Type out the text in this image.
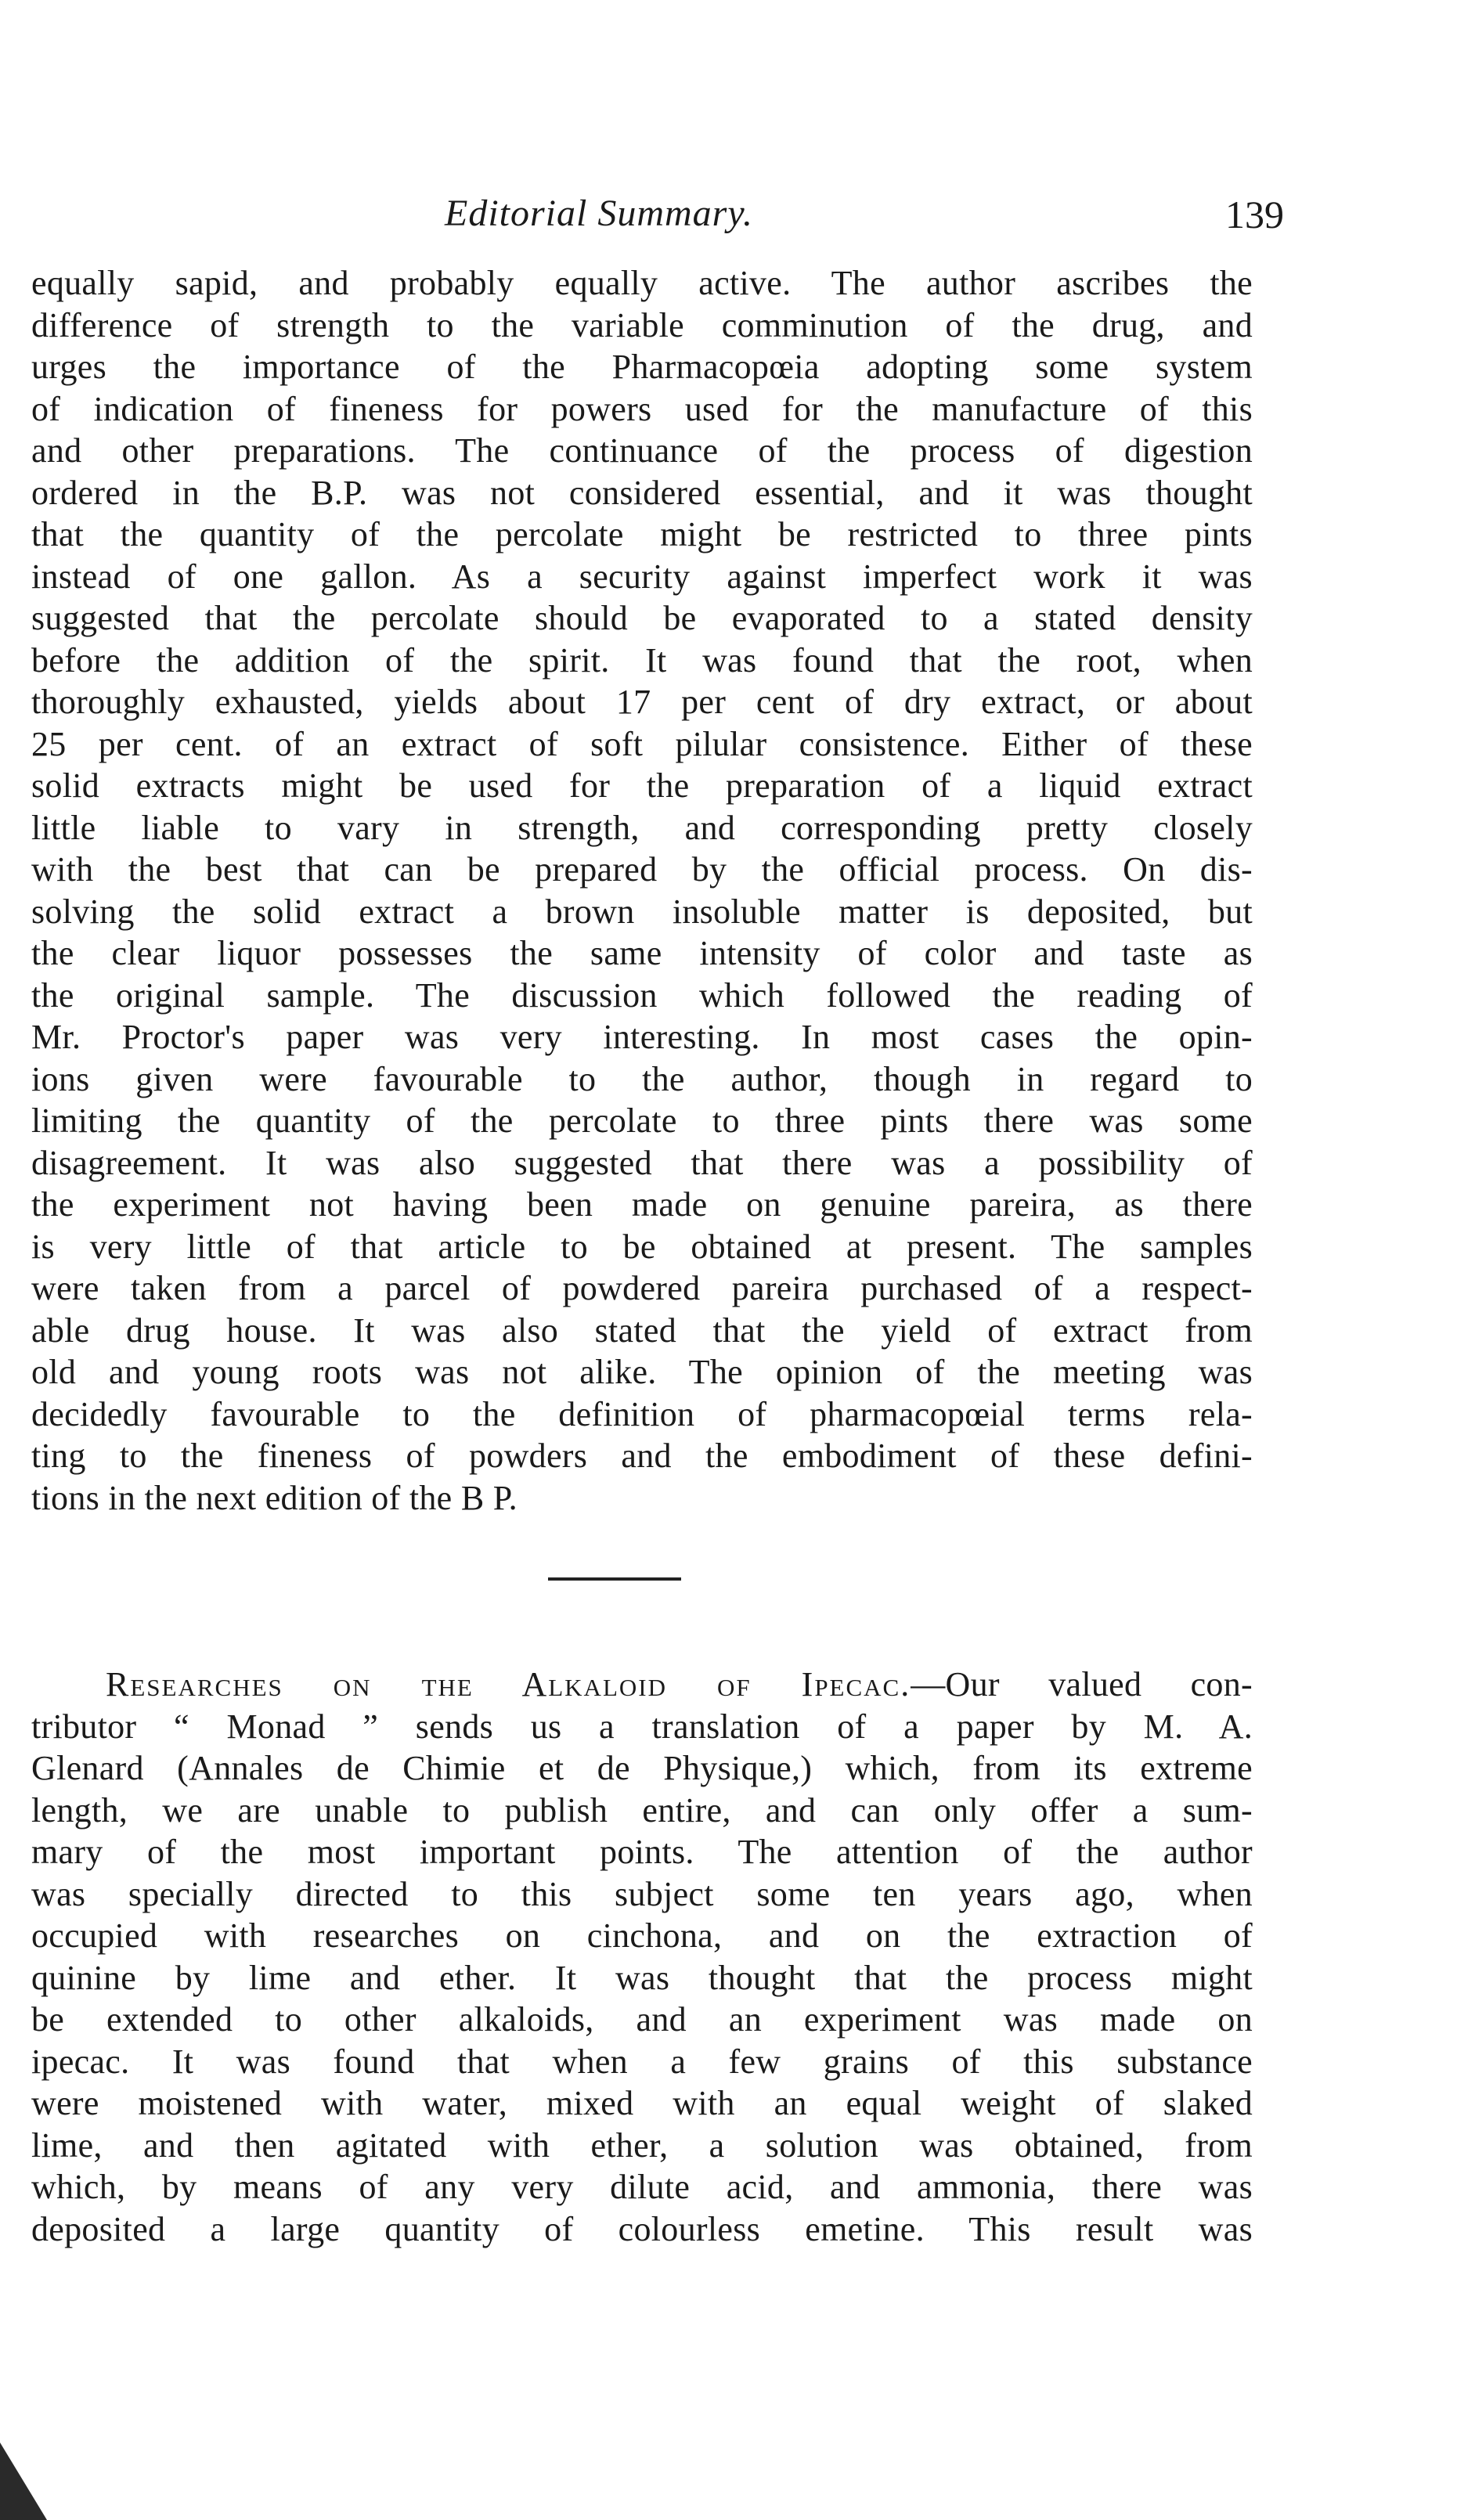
Editorial Summary.	139
equally sapid, and probably equally active. The author ascribes the
difference of strength to the variable comminution of the drug, and
urges the importance of the Pharmacopœia adopting some system
of indication of fineness for powers used for the manufacture of this
and other preparations. The continuance of the process of digestion
ordered in the B.P. was not considered essential, and it was thought
that the quantity of the percolate might be restricted to three pints
instead of one gallon. As a security against imperfect work it was
suggested that the percolate should be evaporated to a stated density
before the addition of the spirit. It was found that the root, when
thoroughly exhausted, yields about 17 per cent of dry extract, or about
25 per cent. of an extract of soft pilular consistence. Either of these
solid extracts might be used for the preparation of a liquid extract
little liable to vary in strength, and corresponding pretty closely
with the best that can be prepared by the official process. On dis-
solving the solid extract a brown insoluble matter is deposited, but
the clear liquor possesses the same intensity of color and taste as
the original sample. The discussion which followed the reading of
Mr. Proctor's paper was very interesting. In most cases the opin-
ions given were favourable to the author, though in regard to
limiting the quantity of the percolate to three pints there was some
disagreement. It was also suggested that there was a possibility of
the experiment not having been made on genuine pareira, as there
is very little of that article to be obtained at present. The samples
were taken from a parcel of powdered pareira purchased of a respect-
able drug house. It was also stated that the yield of extract from
old and young roots was not alike. The opinion of the meeting was
decidedly favourable to the definition of pharmacopœial terms rela-
ting to the fineness of powders and the embodiment of these defini-
tions in the next edition of the B P.
Researches on the Alkaloid of Ipecac.—Our valued con-
tributor “ Monad ” sends us a translation of a paper by M. A.
Glenard (Annales de Chimie et de Physique,) which, from its extreme
length, we are unable to publish entire, and can only offer a sum-
mary of the most important points. The attention of the author
was specially directed to this subject some ten years ago, when
occupied with researches on cinchona, and on the extraction of
quinine by lime and ether. It was thought that the process might
be extended to other alkaloids, and an experiment was made on
ipecac. It was found that when a few grains of this substance
were moistened with water, mixed with an equal weight of slaked
lime, and then agitated with ether, a solution was obtained, from
which, by means of any very dilute acid, and ammonia, there was
deposited a large quantity of colourless emetine. This result was
